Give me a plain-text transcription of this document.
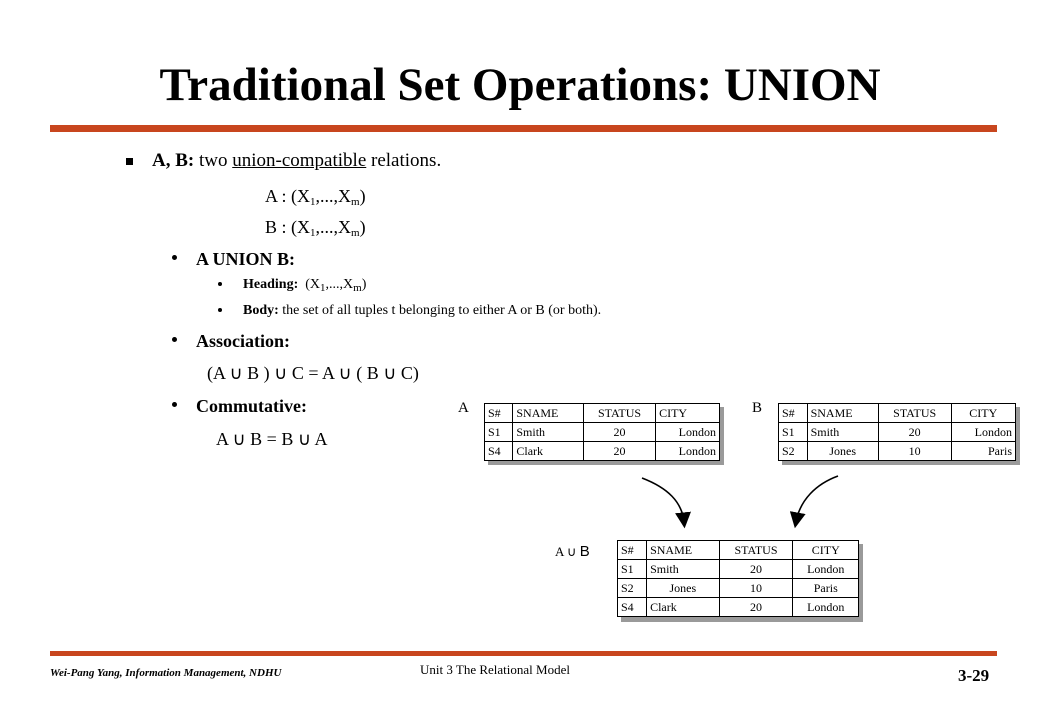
Traditional Set Operations: UNION
A, B: two union-compatible relations.
A : $(X_1,...,X_m)$
B : $(X_1,...,X_m)$
A UNION B:
Heading: $(X_1,...,X_m)$
Body: the set of all tuples t belonging to either A or B (or both).
Association:
(A ∪ B ) ∪ C = A ∪ ( B ∪ C)
Commutative:
A ∪ B = B ∪ A
A S#	SNAME	STATUS	CITY
S1	Smith	20	London
S4	Clark	20	London
B S#	SNAME	STATUS	CITY
S1	Smith	20	London
S2	Jones	10	Paris
A ∪ B	S#	SNAME	STATUS	CITY
S1	Smith	20	London
S2	Jones	10	Paris
S4	Clark	20	London
Wei-Pang Yang, Information Management, NDHU	Unit 3 The Relational Model	3-29
